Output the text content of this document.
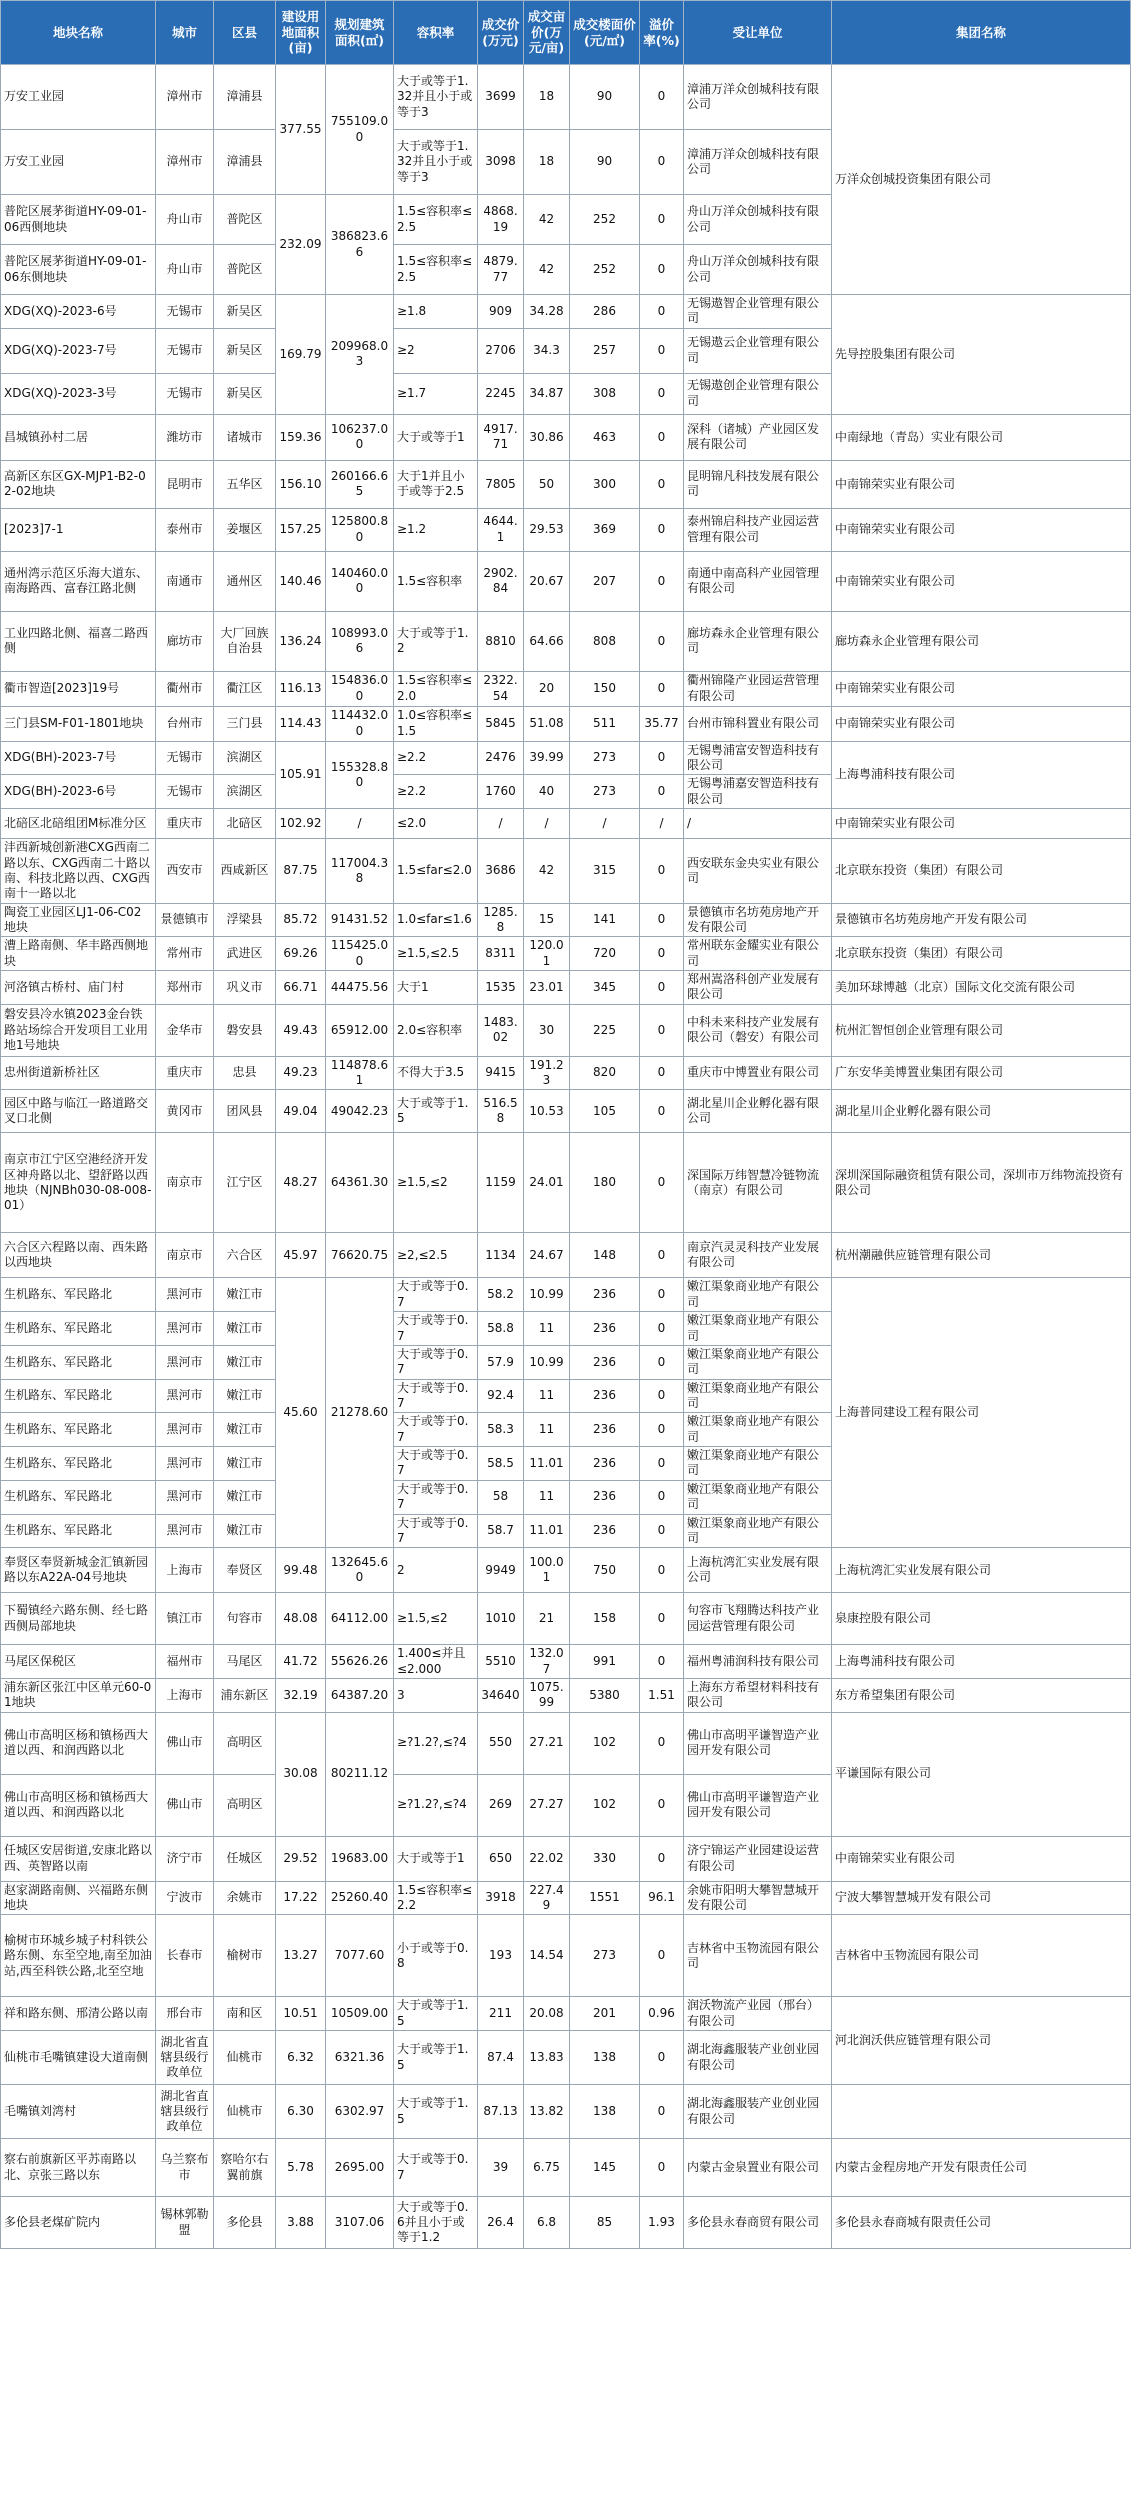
地块名称	城市	区县	建设用地面积(亩)	规划建筑面积(㎡)	容积率	成交价(万元)	成交亩价(万元/亩)	成交楼面价(元/㎡)	溢价率(%)	受让单位	集团名称
万安工业园	漳州市	漳浦县	377.55	755109.00	大于或等于1.32并且小于或等于3	3699	18	90	0	漳浦万洋众创城科技有限公司	万洋众创城投资集团有限公司
万安工业园	漳州市	漳浦县			大于或等于1.32并且小于或等于3	3098	18	90	0	漳浦万洋众创城科技有限公司	
普陀区展茅街道HY-09-01-06西侧地块	舟山市	普陀区	232.09	386823.66	1.5≤容积率≤2.5	4868.19	42	252	0	舟山万洋众创城科技有限公司	
普陀区展茅街道HY-09-01-06东侧地块	舟山市	普陀区			1.5≤容积率≤2.5	4879.77	42	252	0	舟山万洋众创城科技有限公司	
XDG(XQ)-2023-6号	无锡市	新吴区	169.79	209968.03	≥1.8	909	34.28	286	0	无锡遨智企业管理有限公司	先导控股集团有限公司
XDG(XQ)-2023-7号	无锡市	新吴区			≥2	2706	34.3	257	0	无锡遨云企业管理有限公司	
XDG(XQ)-2023-3号	无锡市	新吴区			≥1.7	2245	34.87	308	0	无锡遨创企业管理有限公司	
昌城镇孙村二居	潍坊市	诸城市	159.36	106237.00	大于或等于1	4917.71	30.86	463	0	深科（诸城）产业园区发展有限公司	中南绿地（青岛）实业有限公司
高新区东区GX-MJP1-B2-02-02地块	昆明市	五华区	156.10	260166.65	大于1并且小于或等于2.5	7805	50	300	0	昆明锦凡科技发展有限公司	中南锦荣实业有限公司
[2023]7-1	泰州市	姜堰区	157.25	125800.80	≥1.2	4644.1	29.53	369	0	泰州锦启科技产业园运营管理有限公司	中南锦荣实业有限公司
通州湾示范区乐海大道东、南海路西、富春江路北侧	南通市	通州区	140.46	140460.00	1.5≤容积率	2902.84	20.67	207	0	南通中南高科产业园管理有限公司	中南锦荣实业有限公司
工业四路北侧、福喜二路西侧	廊坊市	大厂回族自治县	136.24	108993.06	大于或等于1.2	8810	64.66	808	0	廊坊森永企业管理有限公司	廊坊森永企业管理有限公司
衢市智造[2023]19号	衢州市	衢江区	116.13	154836.00	1.5≤容积率≤2.0	2322.54	20	150	0	衢州锦隆产业园运营管理有限公司	中南锦荣实业有限公司
三门县SM-F01-1801地块	台州市	三门县	114.43	114432.00	1.0≤容积率≤1.5	5845	51.08	511	35.77	台州市锦科置业有限公司	中南锦荣实业有限公司
XDG(BH)-2023-7号	无锡市	滨湖区	105.91	155328.80	≥2.2	2476	39.99	273	0	无锡粤浦富安智造科技有限公司	上海粤浦科技有限公司
XDG(BH)-2023-6号	无锡市	滨湖区			≥2.2	1760	40	273	0	无锡粤浦嘉安智造科技有限公司	
北碚区北碚组团M标准分区	重庆市	北碚区	102.92	/	≤2.0	/	/	/	/	/	中南锦荣实业有限公司
沣西新城创新港CXG西南二路以东、CXG西南二十路以南、科技北路以西、CXG西南十一路以北	西安市	西咸新区	87.75	117004.38	1.5≤far≤2.0	3686	42	315	0	西安联东金央实业有限公司	北京联东投资（集团）有限公司
陶瓷工业园区LJ1-06-C02地块	景德镇市	浮梁县	85.72	91431.52	1.0≤far≤1.6	1285.8	15	141	0	景德镇市名坊苑房地产开发有限公司	景德镇市名坊苑房地产开发有限公司
漕上路南侧、华丰路西侧地块	常州市	武进区	69.26	115425.00	≥1.5,≤2.5	8311	120.01	720	0	常州联东金耀实业有限公司	北京联东投资（集团）有限公司
河洛镇古桥村、庙门村	郑州市	巩义市	66.71	44475.56	大于1	1535	23.01	345	0	郑州嵩洛科创产业发展有限公司	美加环球博越（北京）国际文化交流有限公司
磐安县冷水镇2023金台铁路站场综合开发项目工业用地1号地块	金华市	磐安县	49.43	65912.00	2.0≤容积率	1483.02	30	225	0	中科未来科技产业发展有限公司（磐安）有限公司	杭州汇智恒创企业管理有限公司
忠州街道新桥社区	重庆市	忠县	49.23	114878.61	不得大于3.5	9415	191.23	820	0	重庆市中博置业有限公司	广东安华美博置业集团有限公司
园区中路与临江一路道路交叉口北侧	黄冈市	团风县	49.04	49042.23	大于或等于1.5	516.58	10.53	105	0	湖北星川企业孵化器有限公司	湖北星川企业孵化器有限公司
南京市江宁区空港经济开发区神舟路以北、望舒路以西地块（NJNBh030-08-008-01）	南京市	江宁区	48.27	64361.30	≥1.5,≤2	1159	24.01	180	0	深国际万纬智慧冷链物流（南京）有限公司	深圳深国际融资租赁有限公司，深圳市万纬物流投资有限公司
六合区六程路以南、西朱路以西地块	南京市	六合区	45.97	76620.75	≥2,≤2.5	1134	24.67	148	0	南京汽灵灵科技产业发展有限公司	杭州潮融供应链管理有限公司
生机路东、军民路北	黑河市	嫩江市	45.60	21278.60	大于或等于0.7	58.2	10.99	236	0	嫩江渠象商业地产有限公司	上海普同建设工程有限公司
生机路东、军民路北	黑河市	嫩江市			大于或等于0.7	58.8	11	236	0	嫩江渠象商业地产有限公司	
生机路东、军民路北	黑河市	嫩江市			大于或等于0.7	57.9	10.99	236	0	嫩江渠象商业地产有限公司	
生机路东、军民路北	黑河市	嫩江市			大于或等于0.7	92.4	11	236	0	嫩江渠象商业地产有限公司	
生机路东、军民路北	黑河市	嫩江市			大于或等于0.7	58.3	11	236	0	嫩江渠象商业地产有限公司	
生机路东、军民路北	黑河市	嫩江市			大于或等于0.7	58.5	11.01	236	0	嫩江渠象商业地产有限公司	
生机路东、军民路北	黑河市	嫩江市			大于或等于0.7	58	11	236	0	嫩江渠象商业地产有限公司	
生机路东、军民路北	黑河市	嫩江市			大于或等于0.7	58.7	11.01	236	0	嫩江渠象商业地产有限公司	
奉贤区奉贤新城金汇镇新园路以东A22A-04号地块	上海市	奉贤区	99.48	132645.60	2	9949	100.01	750	0	上海杭湾汇实业发展有限公司	上海杭湾汇实业发展有限公司
下蜀镇经六路东侧、经七路西侧局部地块	镇江市	句容市	48.08	64112.00	≥1.5,≤2	1010	21	158	0	句容市飞翔腾达科技产业园运营管理有限公司	泉康控股有限公司
马尾区保税区	福州市	马尾区	41.72	55626.26	1.400≤并且≤2.000	5510	132.07	991	0	福州粤浦润科技有限公司	上海粤浦科技有限公司
浦东新区张江中区单元60-01地块	上海市	浦东新区	32.19	64387.20	3	34640	1075.99	5380	1.51	上海东方希望材料科技有限公司	东方希望集团有限公司
佛山市高明区杨和镇杨西大道以西、和润西路以北	佛山市	高明区	30.08	80211.12	≥?1.2?,≤?4	550	27.21	102	0	佛山市高明平谦智造产业园开发有限公司	平谦国际有限公司
佛山市高明区杨和镇杨西大道以西、和润西路以北	佛山市	高明区			≥?1.2?,≤?4	269	27.27	102	0	佛山市高明平谦智造产业园开发有限公司	
任城区安居街道,安康北路以西、英智路以南	济宁市	任城区	29.52	19683.00	大于或等于1	650	22.02	330	0	济宁锦运产业园建设运营有限公司	中南锦荣实业有限公司
赵家湖路南侧、兴福路东侧地块	宁波市	余姚市	17.22	25260.40	1.5≤容积率≤2.2	3918	227.49	1551	96.1	余姚市阳明大攀智慧城开发有限公司	宁波大攀智慧城开发有限公司
榆树市环城乡城子村科铁公路东侧、东至空地,南至加油站,西至科铁公路,北至空地	长春市	榆树市	13.27	7077.60	小于或等于0.8	193	14.54	273	0	吉林省中玉物流园有限公司	吉林省中玉物流园有限公司
祥和路东侧、邢清公路以南	邢台市	南和区	10.51	10509.00	大于或等于1.5	211	20.08	201	0.96	润沃物流产业园（邢台）有限公司	河北润沃供应链管理有限公司
仙桃市毛嘴镇建设大道南侧	湖北省直辖县级行政单位	仙桃市	6.32	6321.36	大于或等于1.5	87.4	13.83	138	0	湖北海鑫服装产业创业园有限公司	
毛嘴镇刘湾村	湖北省直辖县级行政单位	仙桃市	6.30	6302.97	大于或等于1.5	87.13	13.82	138	0	湖北海鑫服装产业创业园有限公司	
察右前旗新区平苏南路以北、京张三路以东	乌兰察布市	察哈尔右翼前旗	5.78	2695.00	大于或等于0.7	39	6.75	145	0	内蒙古金泉置业有限公司	内蒙古金程房地产开发有限责任公司
多伦县老煤矿院内	锡林郭勒盟	多伦县	3.88	3107.06	大于或等于0.6并且小于或等于1.2	26.4	6.8	85	1.93	多伦县永春商贸有限公司	多伦县永春商城有限责任公司
